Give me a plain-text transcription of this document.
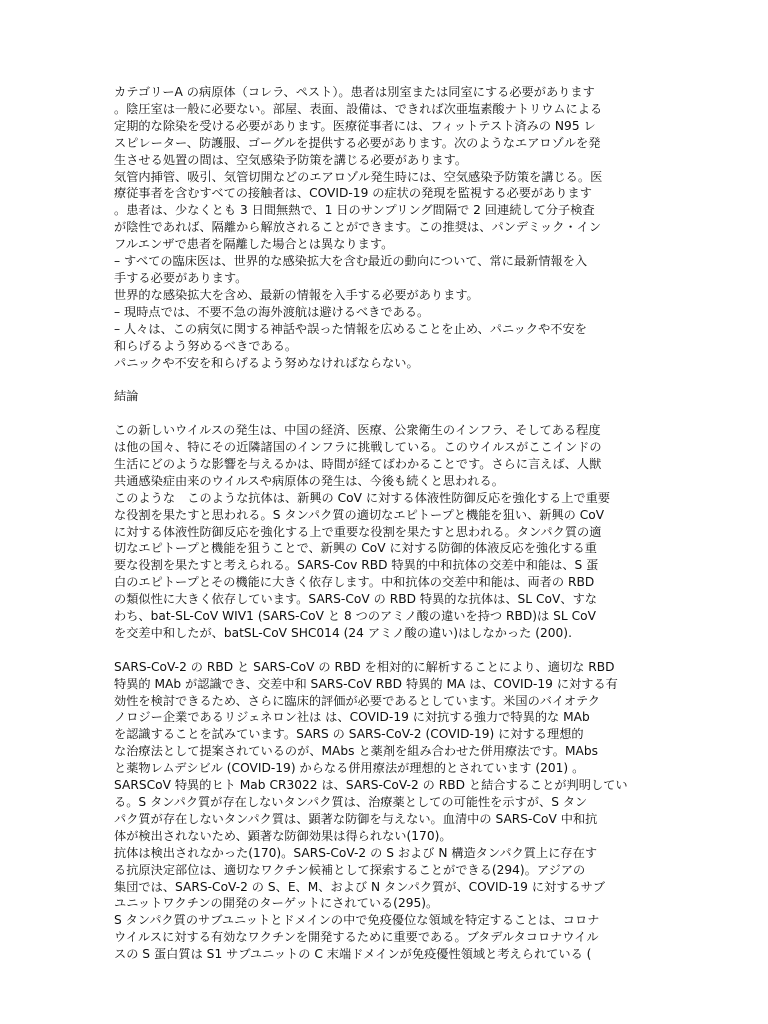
カテゴリーA の病原体（コレラ、ペスト）。患者は別室または同室にする必要があります
。陰圧室は一般に必要ない。部屋、表面、設備は、できれば次亜塩素酸ナトリウムによる
定期的な除染を受ける必要があります。医療従事者には、フィットテスト済みの N95 レ
スピレーター、防護服、ゴーグルを提供する必要があります。次のようなエアロゾルを発
生させる処置の間は、空気感染予防策を講じる必要があります。
気管内挿管、吸引、気管切開などのエアロゾル発生時には、空気感染予防策を講じる。医
療従事者を含むすべての接触者は、COVID-19 の症状の発現を監視する必要があります
。患者は、少なくとも 3 日間無熱で、1 日のサンプリング間隔で 2 回連続して分子検査
が陰性であれば、隔離から解放されることができます。この推奨は、パンデミック・イン
フルエンザで患者を隔離した場合とは異なります。
– すべての臨床医は、世界的な感染拡大を含む最近の動向について、常に最新情報を入
手する必要があります。
世界的な感染拡大を含め、最新の情報を入手する必要があります。
– 現時点では、不要不急の海外渡航は避けるべきである。
– 人々は、この病気に関する神話や誤った情報を広めることを止め、パニックや不安を
和らげるよう努めるべきである。
パニックや不安を和らげるよう努めなければならない。
結論
この新しいウイルスの発生は、中国の経済、医療、公衆衛生のインフラ、そしてある程度
は他の国々、特にその近隣諸国のインフラに挑戦している。このウイルスがここインドの
生活にどのような影響を与えるかは、時間が経てばわかることです。さらに言えば、人獣
共通感染症由来のウイルスや病原体の発生は、今後も続くと思われる。
このような　このような抗体は、新興の CoV に対する体液性防御反応を強化する上で重要
な役割を果たすと思われる。S タンパク質の適切なエピトープと機能を狙い、新興の CoV
に対する体液性防御反応を強化する上で重要な役割を果たすと思われる。タンパク質の適
切なエピトープと機能を狙うことで、新興の CoV に対する防御的体液反応を強化する重
要な役割を果たすと考えられる。SARS-Cov RBD 特異的中和抗体の交差中和能は、S 蛋
白のエピトープとその機能に大きく依存します。中和抗体の交差中和能は、両者の RBD
の類似性に大きく依存しています。SARS-CoV の RBD 特異的な抗体は、SL CoV、すな
わち、bat-SL-CoV WIV1 (SARS-CoV と 8 つのアミノ酸の違いを持つ RBD)は SL CoV
を交差中和したが、batSL-CoV SHC014 (24 アミノ酸の違い)はしなかった (200).
SARS-CoV-2 の RBD と SARS-CoV の RBD を相対的に解析することにより、適切な RBD
特異的 MAb が認識でき、交差中和 SARS-CoV RBD 特異的 MA は、COVID-19 に対する有
効性を検討できるため、さらに臨床的評価が必要であるとしています。米国のバイオテク
ノロジー企業であるリジェネロン社は は、COVID-19 に対抗する強力で特異的な MAb
を認識することを試みています。SARS の SARS-CoV-2 (COVID-19) に対する理想的
な治療法として提案されているのが、MAbs と薬剤を組み合わせた併用療法です。MAbs
と薬物レムデシビル (COVID-19) からなる併用療法が理想的とされています (201) 。
SARSCoV 特異的ヒト Mab CR3022 は、SARS-CoV-2 の RBD と結合することが判明してい
る。S タンパク質が存在しないタンパク質は、治療薬としての可能性を示すが、S タン
パク質が存在しないタンパク質は、顕著な防御を与えない。血清中の SARS-CoV 中和抗
体が検出されないため、顕著な防御効果は得られない(170)。
抗体は検出されなかった(170)。SARS-CoV-2 の S および N 構造タンパク質上に存在す
る抗原決定部位は、適切なワクチン候補として探索することができる(294)。アジアの
集団では、SARS-CoV-2 の S、E、M、および N タンパク質が、COVID-19 に対するサブ
ユニットワクチンの開発のターゲットにされている(295)。
S タンパク質のサブユニットとドメインの中で免疫優位な領域を特定することは、コロナ
ウイルスに対する有効なワクチンを開発するために重要である。ブタデルタコロナウイル
スの S 蛋白質は S1 サブユニットの C 末端ドメインが免疫優性領域と考えられている (
